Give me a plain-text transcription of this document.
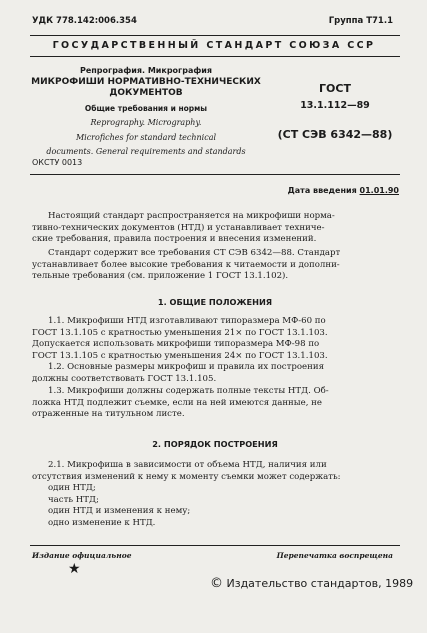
УДК 778.142:006.354	Группа Т71.1
ГОСУДАРСТВЕННЫЙ СТАНДАРТ СОЮЗА ССР
Репрография. Микрография
МИКРОФИШИ НОРМАТИВНО-ТЕХНИЧЕСКИХ
ДОКУМЕНТОВ
Общие требования и нормы
Reprography. Micrography.
Microfiches for standard technical
documents. General requirements and standards
ГОСТ
13.1.112—89
(СТ СЭВ 6342—88)
ОКСТУ 0013
Дата введения 01.01.90
Настоящий стандарт распространяется на микрофиши норма-
тивно-технических документов (НТД) и устанавливает техниче-
ские требования, правила построения и внесения изменений.
Стандарт содержит все требования СТ СЭВ 6342—88. Стандарт
устанавливает более высокие требования к читаемости и дополни-
тельные требования (см. приложение 1 ГОСТ 13.1.102).
1. ОБЩИЕ ПОЛОЖЕНИЯ
1.1. Микрофиши НТД изготавливают типоразмера МФ-60 по
ГОСТ 13.1.105 с кратностью уменьшения 21× по ГОСТ 13.1.103.
Допускается использовать микрофиши типоразмера МФ-98 по
ГОСТ 13.1.105 с кратностью уменьшения 24× по ГОСТ 13.1.103.
1.2. Основные размеры микрофиш и правила их построения
должны соответствовать ГОСТ 13.1.105.
1.3. Микрофиши должны содержать полные тексты НТД. Об-
ложка НТД подлежит съемке, если на ней имеются данные, не
отраженные на титульном листе.
2. ПОРЯДОК ПОСТРОЕНИЯ
2.1. Микрофиша в зависимости от объема НТД, наличия или
отсутствия изменений к нему к моменту съемки может содержать:
один НТД;
часть НТД;
один НТД и изменения к нему;
одно изменение к НТД.
Издание официальное	Перепечатка воспрещена
★
© Издательство стандартов, 1989
